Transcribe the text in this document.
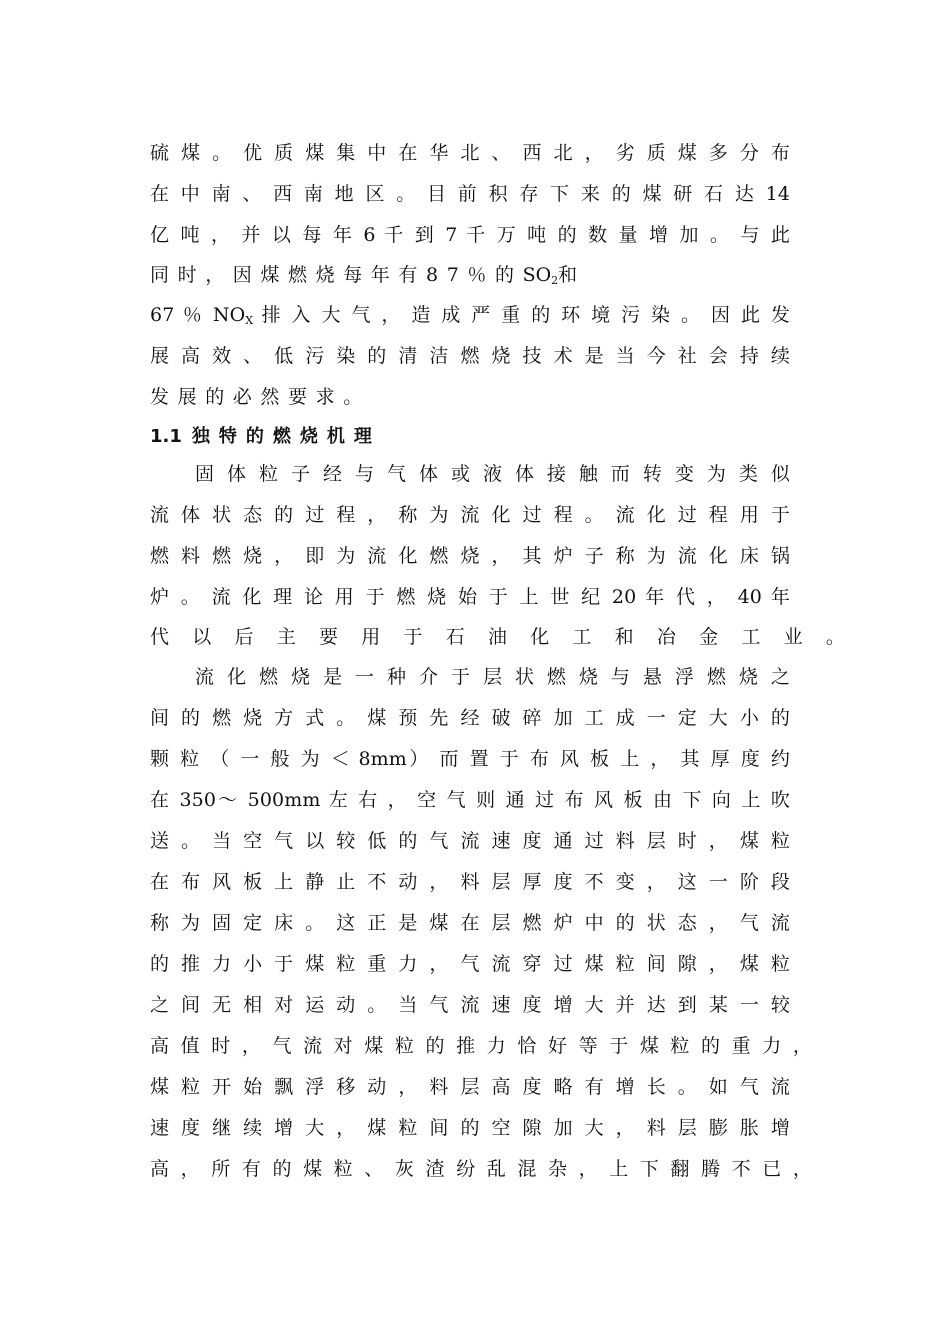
硫 煤 。 优 质 煤 集 中 在 华 北 、 西 北 ， 劣 质 煤 多 分 布
在 中 南 、 西 南 地 区 。 目 前 积 存 下 来 的 煤 研 石 达 14
亿 吨 ， 并 以 每 年 6 千 到 7 千 万 吨 的 数 量 增 加 。 与 此
同时，因煤燃烧每年有87％的$SO_2$和
67 ％ $NO_X$ 排 入 大 气 ， 造 成 严 重 的 环 境 污 染 。 因 此 发
展 高 效 、 低 污 染 的 清 洁 燃 烧 技 术 是 当 今 社 会 持 续
发展的必然要求。
1.1 独特的燃烧机理
固 体 粒 子 经 与 气 体 或 液 体 接 触 而 转 变 为 类 似
流 体 状 态 的 过 程 ， 称 为 流 化 过 程 。 流 化 过 程 用 于
燃 料 燃 烧 ， 即 为 流 化 燃 烧 ， 其 炉 子 称 为 流 化 床 锅
炉 。 流 化 理 论 用 于 燃 烧 始 于 上 世 纪 20 年 代 ， 40 年
代 以 后 主 要 用 于 石 油 化 工 和 冶 金 工 业 。
流 化 燃 烧 是 一 种 介 于 层 状 燃 烧 与 悬 浮 燃 烧 之
间 的 燃 烧 方 式 。 煤 预 先 经 破 碎 加 工 成 一 定 大 小 的
颗 粒 （ 一 般 为 ＜ 8mm） 而 置 于 布 风 板 上 ， 其 厚 度 约
在 350～ 500mm 左 右 ， 空 气 则 通 过 布 风 板 由 下 向 上 吹
送 。 当 空 气 以 较 低 的 气 流 速 度 通 过 料 层 时 ， 煤 粒
在 布 风 板 上 静 止 不 动 ， 料 层 厚 度 不 变 ， 这 一 阶 段
称 为 固 定 床 。 这 正 是 煤 在 层 燃 炉 中 的 状 态 ， 气 流
的 推 力 小 于 煤 粒 重 力 ， 气 流 穿 过 煤 粒 间 隙 ， 煤 粒
之 间 无 相 对 运 动 。 当 气 流 速 度 增 大 并 达 到 某 一 较
高 值 时 ， 气 流 对 煤 粒 的 推 力 恰 好 等 于 煤 粒 的 重 力 ，
煤 粒 开 始 飘 浮 移 动 ， 料 层 高 度 略 有 增 长 。 如 气 流
速 度 继 续 增 大 ， 煤 粒 间 的 空 隙 加 大 ， 料 层 膨 胀 增
高 ， 所 有 的 煤 粒 、 灰 渣 纷 乱 混 杂 ， 上 下 翻 腾 不 已 ，
